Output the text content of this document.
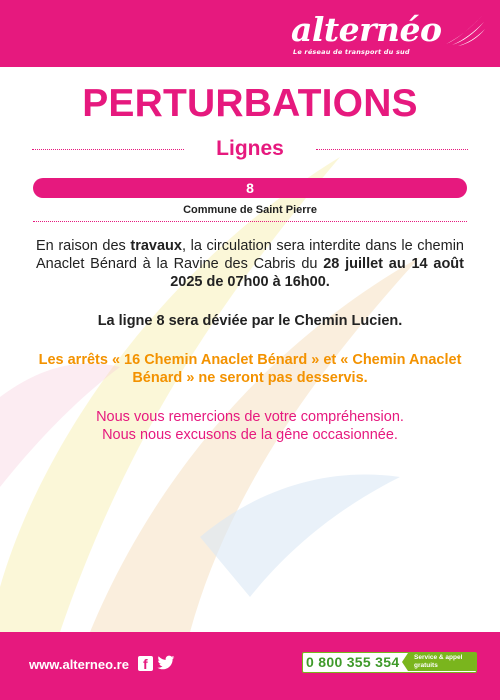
alternéo
Le réseau de transport du sud
PERTURBATIONS
Lignes
8
Commune de Saint Pierre

En raison des travaux, la circulation sera interdite dans le chemin Anaclet Bénard à la Ravine des Cabris du 28 juillet au 14 août 2025 de 07h00 à 16h00.

La ligne 8 sera déviée par le Chemin Lucien.

Les arrêts « 16 Chemin Anaclet Bénard » et « Chemin Anaclet Bénard » ne seront pas desservis.

Nous vous remercions de votre compréhension.
Nous nous excusons de la gêne occasionnée.

www.alterneo.re f	0 800 355 354	Service & appel
gratuits
